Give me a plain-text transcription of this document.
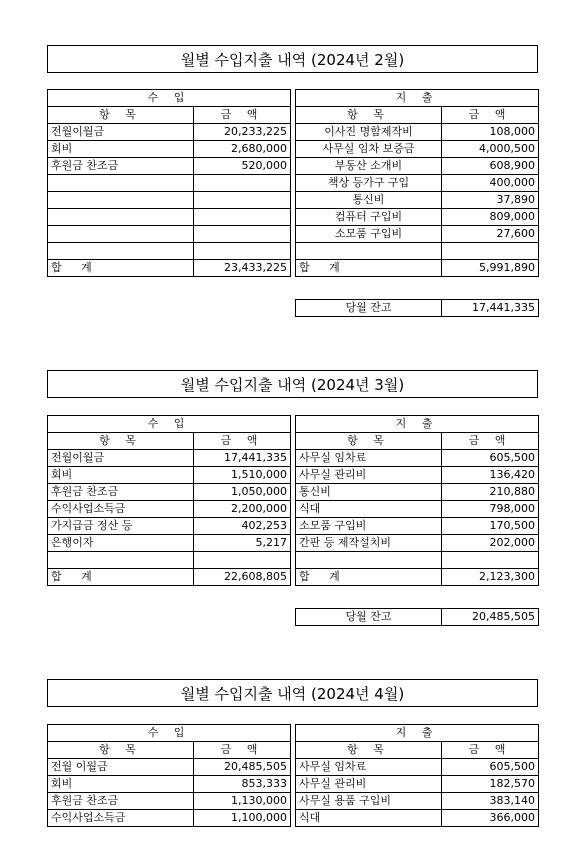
월별 수입지출 내역 (2024년 2월)
수 입	
항 목	금 액
전월이월금	20,233,225
회비	2,680,000
후원금 찬조금	520,000

합 계	23,433,225
지 출	
항 목	금 액
이사진 명함제작비	108,000
사무실 임차 보증금	4,000,500
부동산 소개비	608,900
책상 등가구 구입	400,000
통신비	37,890
컴퓨터 구입비	809,000
소모품 구입비	27,600

합 계	5,991,890
당월 잔고	17,441,335
월별 수입지출 내역 (2024년 3월)
수 입	
항 목	금 액
전월이월금	17,441,335
회비	1,510,000
후원금 찬조금	1,050,000
수익사업소득금	2,200,000
가지급금 정산 등	402,253
은행이자	5,217

합 계	22,608,805
지 출	
항 목	금 액
사무실 임차료	605,500
사무실 관리비	136,420
통신비	210,880
식대	798,000
소모품 구입비	170,500
간판 등 제작설치비	202,000

합 계	2,123,300
당월 잔고	20,485,505
월별 수입지출 내역 (2024년 4월)
수 입	
항 목	금 액
전월 이월금	20,485,505
회비	853,333
후원금 찬조금	1,130,000
수익사업소득금	1,100,000
지 출	
항 목	금 액
사무실 임차료	605,500
사무실 관리비	182,570
사무실 용품 구입비	383,140
식대	366,000
